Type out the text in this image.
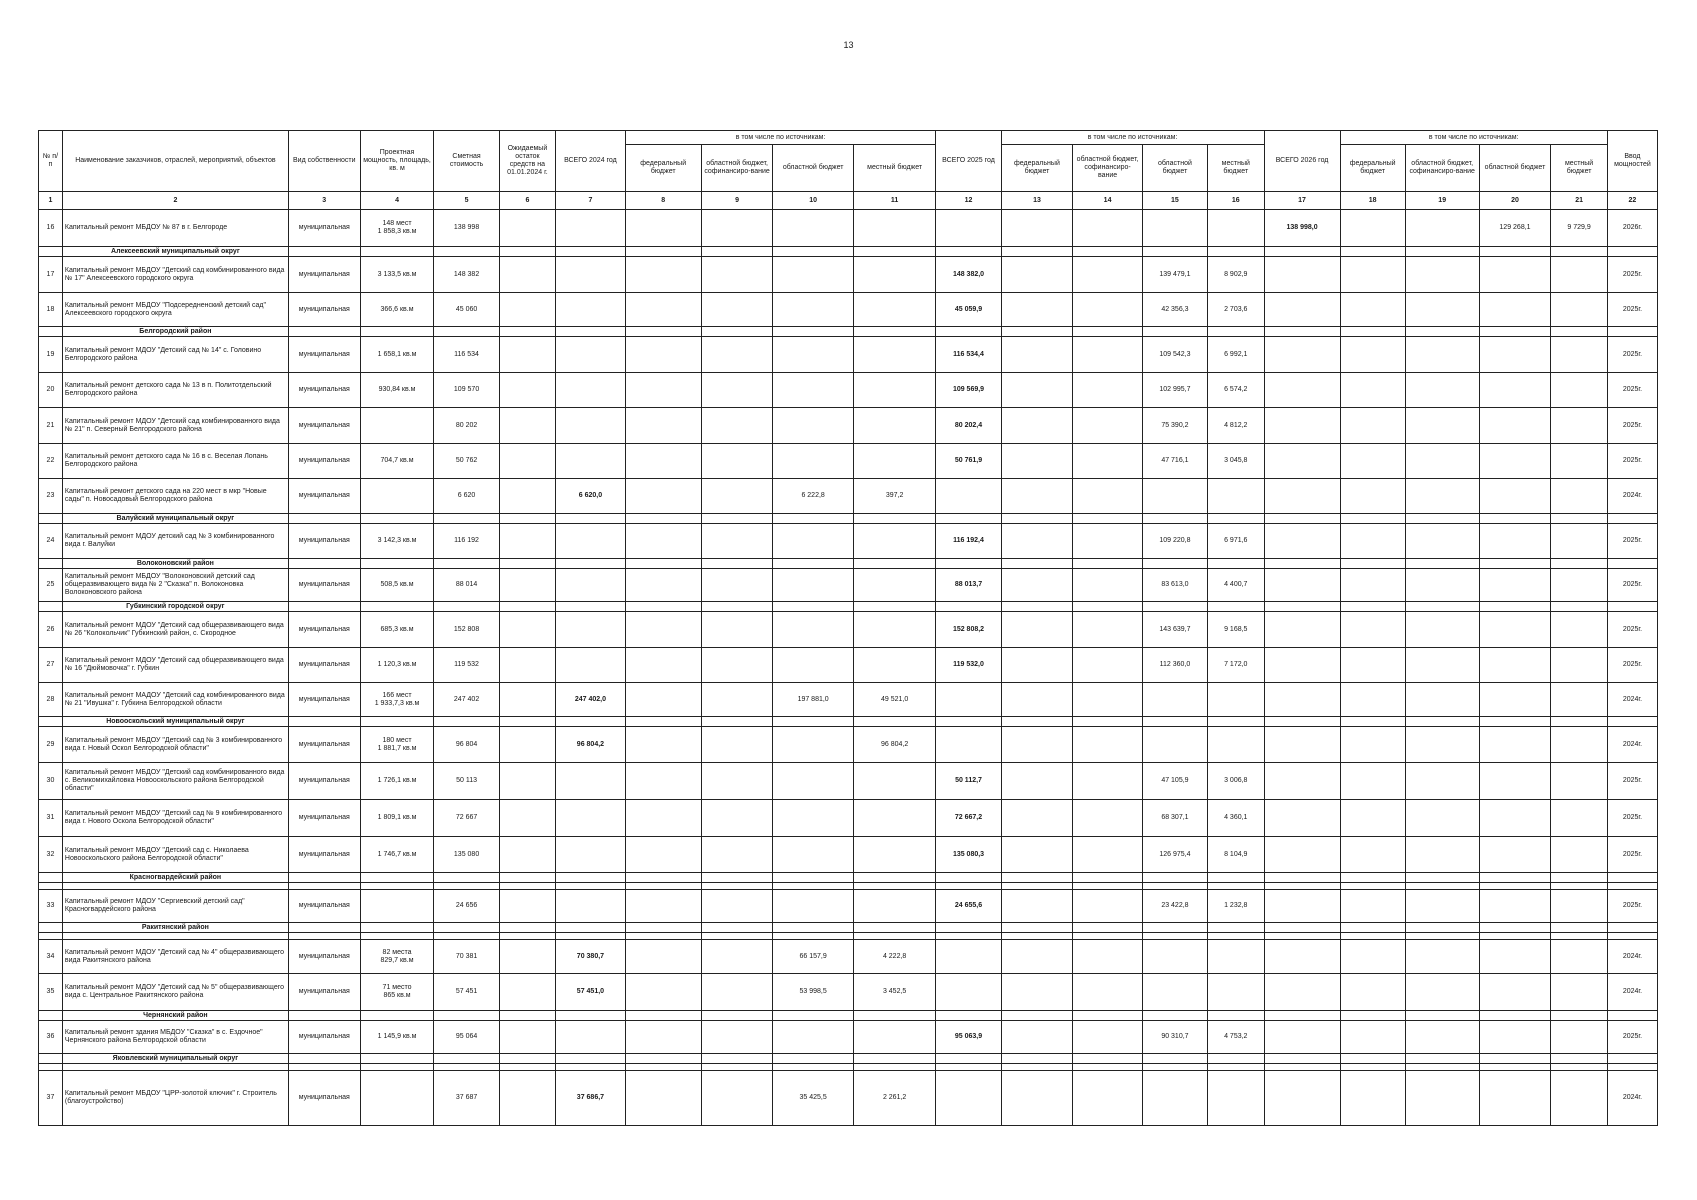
13
№ п/п	Наименование заказчиков, отраслей, мероприятий, объектов	Вид собственности	Проектная мощность, площадь, кв. м	Сметная стоимость	Ожидаемый остаток средств на 01.01.2024 г.	ВСЕГО 2024 год	в том числе по источникам:				ВСЕГО 2025 год	в том числе по источникам:				ВСЕГО 2026 год	в том числе по источникам:				Ввод мощностей
							федеральный бюджет	областной бюджет, софинансиро-вание	областной бюджет	местный бюджет		федеральный бюджет	областной бюджет, софинансиро-вание	областной бюджет	местный бюджет		федеральный бюджет	областной бюджет, софинансиро-вание	областной бюджет	местный бюджет	
1	2	3	4	5	6	7	8	9	10	11	12	13	14	15	16	17	18	19	20	21	22
16	Капитальный ремонт МБДОУ № 87 в г. Белгороде	муниципальная	148 мест
1 858,3 кв.м	138 998												138 998,0			129 268,1	9 729,9	2026г.
	Алексеевский муниципальный округ																				
17	Капитальный ремонт МБДОУ "Детский сад комбинированного вида № 17" Алексеевского городского округа	муниципальная	3 133,5 кв.м	148 382							148 382,0			139 479,1	8 902,9						2025г.
18	Капитальный ремонт МБДОУ "Подсередненский детский сад" Алексеевского городского округа	муниципальная	366,6 кв.м	45 060							45 059,9			42 356,3	2 703,6						2025г.
	Белгородский район																				
19	Капитальный ремонт МДОУ "Детский сад № 14" с. Головино Белгородского района	муниципальная	1 658,1 кв.м	116 534							116 534,4			109 542,3	6 992,1						2025г.
20	Капитальный ремонт детского сада № 13 в п. Политотдельский Белгородского района	муниципальная	930,84 кв.м	109 570							109 569,9			102 995,7	6 574,2						2025г.
21	Капитальный ремонт МДОУ "Детский сад комбинированного вида № 21" п. Северный Белгородского района	муниципальная		80 202							80 202,4			75 390,2	4 812,2						2025г.
22	Капитальный ремонт детского сада № 16 в с. Веселая Лопань Белгородского района	муниципальная	704,7 кв.м	50 762							50 761,9			47 716,1	3 045,8						2025г.
23	Капитальный ремонт детского сада на 220 мест в мкр "Новые сады" п. Новосадовый Белгородского района	муниципальная		6 620		6 620,0			6 222,8	397,2											2024г.
	Валуйский муниципальный округ																				
24	Капитальный ремонт МДОУ детский сад № 3 комбинированного вида г. Валуйки	муниципальная	3 142,3 кв.м	116 192							116 192,4			109 220,8	6 971,6						2025г.
	Волоконовский район																				
25	Капитальный ремонт МБДОУ "Волоконовский детский сад общеразвивающего вида № 2 "Сказка" п. Волоконовка Волоконовского района	муниципальная	508,5 кв.м	88 014							88 013,7			83 613,0	4 400,7						2025г.
	Губкинский городской округ																				
26	Капитальный ремонт МДОУ "Детский сад общеразвивающего вида № 26 "Колокольчик" Губкинский район, с. Скородное	муниципальная	685,3 кв.м	152 808							152 808,2			143 639,7	9 168,5						2025г.
27	Капитальный ремонт МДОУ "Детский сад общеразвивающего вида № 16 "Дюймовочка" г. Губкин	муниципальная	1 120,3 кв.м	119 532							119 532,0			112 360,0	7 172,0						2025г.
28	Капитальный ремонт МАДОУ "Детский сад комбинированного вида № 21 "Ивушка" г. Губкина Белгородской области	муниципальная	166 мест
1 933,7,3 кв.м	247 402		247 402,0			197 881,0	49 521,0											2024г.
	Новооскольский муниципальный округ																				
29	Капитальный ремонт МБДОУ "Детский сад № 3 комбинированного вида г. Новый Оскол Белгородской области"	муниципальная	180 мест
1 881,7 кв.м	96 804		96 804,2				96 804,2											2024г.
30	Капитальный ремонт МБДОУ "Детский сад комбинированного вида с. Великомихайловка Новооскольского района Белгородской области"	муниципальная	1 726,1 кв.м	50 113							50 112,7			47 105,9	3 006,8						2025г.
31	Капитальный ремонт МБДОУ "Детский сад № 9 комбинированного вида г. Нового Оскола Белгородской области"	муниципальная	1 809,1 кв.м	72 667							72 667,2			68 307,1	4 360,1						2025г.
32	Капитальный ремонт МБДОУ "Детский сад с. Николаева Новооскольского района Белгородской области"	муниципальная	1 746,7 кв.м	135 080							135 080,3			126 975,4	8 104,9						2025г.
	Красногвардейский район																				

33	Капитальный ремонт МДОУ "Сергиевский детский сад" Красногвардейского района	муниципальная		24 656							24 655,6			23 422,8	1 232,8						2025г.
	Ракитянский район																				

34	Капитальный ремонт МДОУ "Детский сад № 4" общеразвивающего вида Ракитянского района	муниципальная	82 места
829,7 кв.м	70 381		70 380,7			66 157,9	4 222,8											2024г.
35	Капитальный ремонт МДОУ "Детский сад № 5" общеразвивающего вида с. Центральное Ракитянского района	муниципальная	71 место
865 кв.м	57 451		57 451,0			53 998,5	3 452,5											2024г.
	Чернянский район																				
36	Капитальный ремонт здания МБДОУ "Сказка" в с. Ездочное" Чернянского района Белгородской области	муниципальная	1 145,9 кв.м	95 064							95 063,9			90 310,7	4 753,2						2025г.
	Яковлевский муниципальный округ																				

37	Капитальный ремонт МБДОУ "ЦРР-золотой ключик" г. Строитель (благоустройство)	муниципальная		37 687		37 686,7			35 425,5	2 261,2											2024г.
